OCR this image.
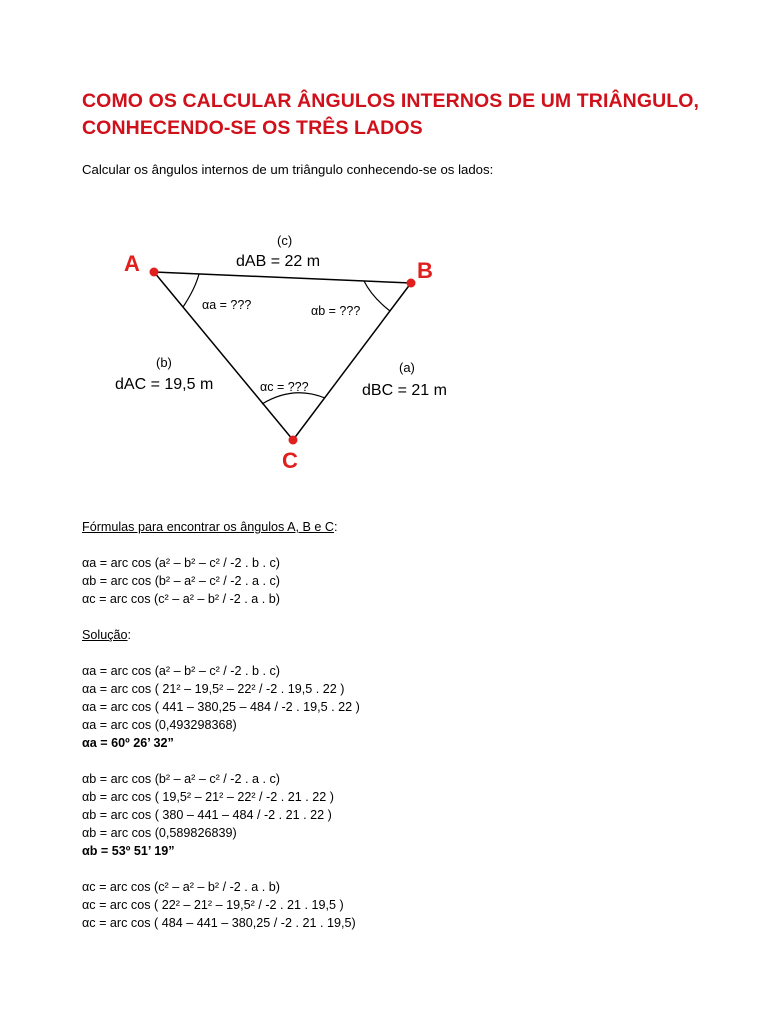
COMO OS CALCULAR ÂNGULOS INTERNOS DE UM TRIÂNGULO,
CONHECENDO-SE OS TRÊS LADOS
Calcular os ângulos internos de um triângulo conhecendo-se os lados:
A	B
C
(c)
dAB = 22 m
(b)
dAC = 19,5 m
(a)
dBC = 21 m
αa = ???	αb = ???
αc = ???
Fórmulas para encontrar os ângulos A, B e C:
αa = arc cos (a² – b² – c² / -2 . b . c)
αb = arc cos (b² – a² – c² / -2 . a . c)
αc = arc cos (c² – a² – b² / -2 . a . b)
Solução:
αa = arc cos (a² – b² – c² / -2 . b . c)
αa = arc cos ( 21² – 19,5² – 22² / -2 . 19,5 . 22 )
αa = arc cos ( 441 – 380,25 – 484 / -2 . 19,5 . 22 )
αa = arc cos (0,493298368)
αa = 60º 26’ 32”
αb = arc cos (b² – a² – c² / -2 . a . c)
αb = arc cos ( 19,5² – 21² – 22² / -2 . 21 . 22 )
αb = arc cos ( 380 – 441 – 484 / -2 . 21 . 22 )
αb = arc cos (0,589826839)
αb = 53º 51’ 19”
αc = arc cos (c² – a² – b² / -2 . a . b)
αc = arc cos ( 22² – 21² – 19,5² / -2 . 21 . 19,5 )
αc = arc cos ( 484 – 441 – 380,25 / -2 . 21 . 19,5)
